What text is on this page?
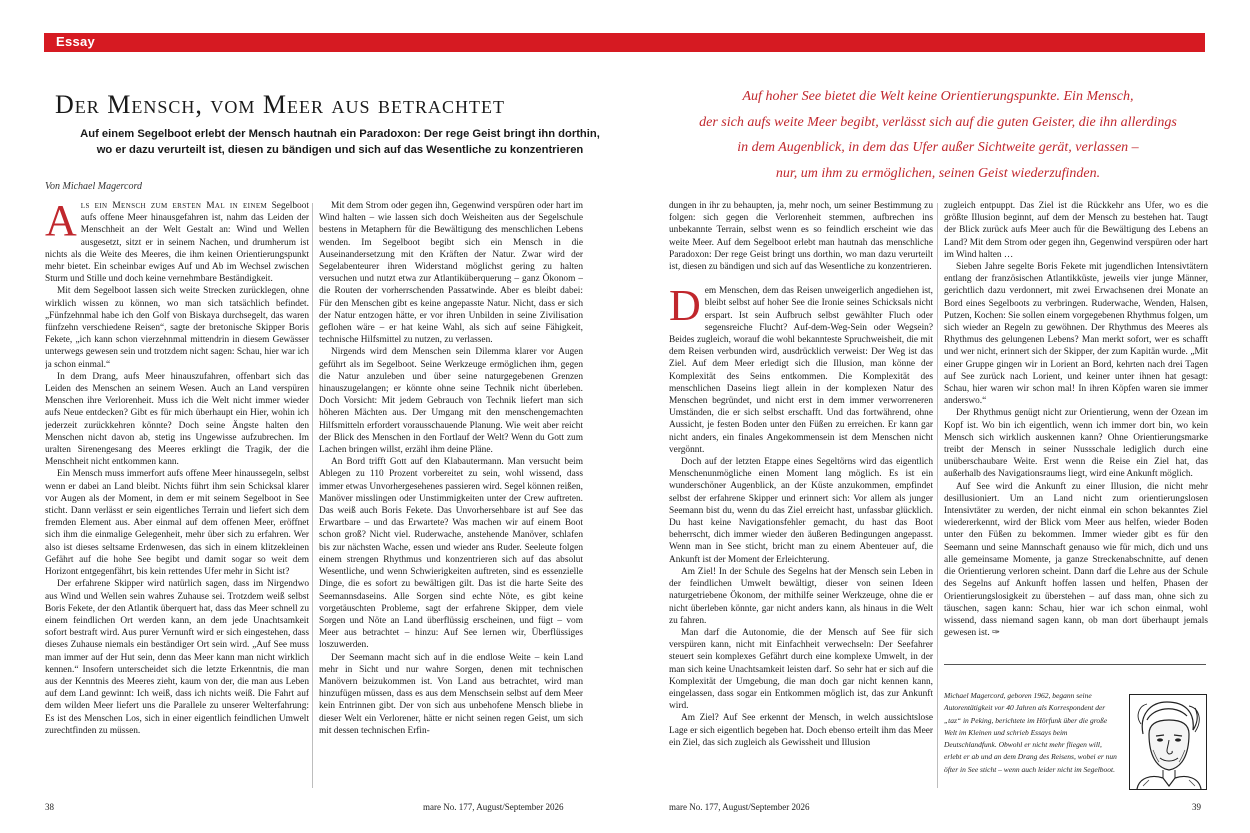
Essay
Der Mensch, vom Meer aus betrachtet
Auf einem Segelboot erlebt der Mensch hautnah ein Paradoxon: Der rege Geist bringt ihn dorthin,
wo er dazu verurteilt ist, diesen zu bändigen und sich auf das Wesentliche zu konzentrieren
Von Michael Magercord
Auf hoher See bietet die Welt keine Orientierungspunkte. Ein Mensch,
der sich aufs weite Meer begibt, verlässt sich auf die guten Geister, die ihn allerdings
in dem Augenblick, in dem das Ufer außer Sichtweite gerät, verlassen –
nur, um ihm zu ermöglichen, seinen Geist wiederzufinden.

Als ein Mensch zum ersten Mal in einem Segelboot aufs offene Meer hinausgefahren ist, nahm das Leiden der Menschheit an der Welt Gestalt an: Wind und Wellen ausgesetzt, sitzt er in seinem Nachen, und drumherum ist nichts als die Weite des Meeres, die ihm keinen Orientierungspunkt mehr bietet. Ein scheinbar ewiges Auf und Ab im Wechsel zwischen Sturm und Stille und doch keine vernehmbare Beständigkeit.

Mit dem Segelboot lassen sich weite Strecken zurücklegen, ohne wirklich wissen zu können, wo man sich tatsächlich befindet. „Fünfzehnmal habe ich den Golf von Biskaya durchsegelt, das waren fünfzehn verschiedene Reisen“, sagte der bretonische Skipper Boris Fekete, „ich kann schon vierzehnmal mittendrin in diesem Gewässer unterwegs gewesen sein und trotzdem nicht sagen: Schau, hier war ich ja schon einmal.“

In dem Drang, aufs Meer hinauszufahren, offenbart sich das Leiden des Menschen an seinem Wesen. Auch an Land verspüren Menschen ihre Verlorenheit. Muss ich die Welt nicht immer wieder aufs Neue entdecken? Gibt es für mich überhaupt ein Hier, wohin ich jederzeit zurückkehren könnte? Doch seine Ängste halten den Menschen nicht davon ab, stetig ins Ungewisse aufzubrechen. Im uralten Sirenengesang des Meeres erklingt die Tragik, der die Menschheit nicht entkommen kann.

Ein Mensch muss immerfort aufs offene Meer hinaussegeln, selbst wenn er dabei an Land bleibt. Nichts führt ihm sein Schicksal klarer vor Augen als der Moment, in dem er mit seinem Segelboot in See sticht. Dann verlässt er sein eigentliches Terrain und liefert sich dem fremden Element aus. Aber einmal auf dem offenen Meer, eröffnet sich ihm die einmalige Gelegenheit, mehr über sich zu erfahren. Wer also ist dieses seltsame Erdenwesen, das sich in einem klitzekleinen Gefährt auf die hohe See begibt und damit sogar so weit dem Horizont entgegenfährt, bis kein rettendes Ufer mehr in Sicht ist?

Der erfahrene Skipper wird natürlich sagen, dass im Nirgendwo aus Wind und Wellen sein wahres Zuhause sei. Trotzdem weiß selbst Boris Fekete, der den Atlantik überquert hat, dass das Meer schnell zu einem feindlichen Ort werden kann, an dem jede Unachtsamkeit sofort bestraft wird. Aus purer Vernunft wird er sich eingestehen, dass dieses Zuhause niemals ein beständiger Ort sein wird. „Auf See muss man immer auf der Hut sein, denn das Meer kann man nicht wirklich kennen.“ Insofern unterscheidet sich die letzte Erkenntnis, die man aus der Kenntnis des Meeres zieht, kaum von der, die man aus Leben auf dem Land gewinnt: Ich weiß, dass ich nichts weiß. Die Fahrt auf dem wilden Meer liefert uns die Parallele zu unserer Welterfahrung: Es ist des Menschen Los, sich in einer eigentlich feindlichen Umwelt zurechtfinden zu müssen.

Mit dem Strom oder gegen ihn, Gegenwind verspüren oder hart im Wind halten – wie lassen sich doch Weisheiten aus der Segelschule bestens in Metaphern für die Bewältigung des menschlichen Lebens wenden. Im Segelboot begibt sich ein Mensch in die Auseinandersetzung mit den Kräften der Natur. Zwar wird der Segelabenteurer ihren Widerstand möglichst gering zu halten versuchen und nutzt etwa zur Atlantiküberquerung – ganz Ökonom – die Routen der vorherrschenden Passatwinde. Aber es bleibt dabei: Für den Menschen gibt es keine angepasste Natur. Nicht, dass er sich der Natur entzogen hätte, er vor ihren Unbilden in seine Zivilisation geflohen wäre – er hat keine Wahl, als sich auf seine Fähigkeit, technische Hilfsmittel zu nutzen, zu verlassen.

Nirgends wird dem Menschen sein Dilemma klarer vor Augen geführt als im Segelboot. Seine Werkzeuge ermöglichen ihm, gegen die Natur anzuleben und über seine naturgegebenen Grenzen hinauszugelangen; er könnte ohne seine Technik nicht überleben. Doch Vorsicht: Mit jedem Gebrauch von Technik liefert man sich höheren Mächten aus. Der Umgang mit den menschengemachten Hilfsmitteln erfordert vorausschauende Planung. Wie weit aber reicht der Blick des Menschen in den Fortlauf der Welt? Wenn du Gott zum Lachen bringen willst, erzähl ihm deine Pläne.

An Bord trifft Gott auf den Klabautermann. Man versucht beim Ablegen zu 110 Prozent vorbereitet zu sein, wohl wissend, dass immer etwas Unvorhergesehenes passieren wird. Segel können reißen, Manöver misslingen oder Unstimmigkeiten unter der Crew auftreten. Das weiß auch Boris Fekete. Das Unvorhersehbare ist auf See das Erwartbare – und das Erwartete? Was machen wir auf einem Boot schon groß? Nicht viel. Ruderwache, anstehende Manöver, schlafen bis zur nächsten Wache, essen und wieder ans Ruder. Seeleute folgen einem strengen Rhythmus und konzentrieren sich auf das absolut Wesentliche, und wenn Schwierigkeiten auftreten, sind es essenzielle Dinge, die es sofort zu bewältigen gilt. Das ist die harte Seite des Seemannsdaseins. Alle Sorgen sind echte Nöte, es gibt keine vorgetäuschten Probleme, sagt der erfahrene Skipper, dem viele Sorgen und Nöte an Land überflüssig erscheinen, und fügt – vom Meer aus betrachtet – hinzu: Auf See lernen wir, Überflüssiges loszuwerden.

Der Seemann macht sich auf in die endlose Weite – kein Land mehr in Sicht und nur wahre Sorgen, denen mit technischen Manövern beizukommen ist. Von Land aus betrachtet, wird man hinzufügen müssen, dass es aus dem Menschsein selbst auf dem Meer kein Entrinnen gibt. Der von sich aus unbehofene Mensch bliebe in dieser Welt ein Verlorener, hätte er nicht seinen regen Geist, um sich mit dessen technischen Erfin-

dungen in ihr zu behaupten, ja, mehr noch, um seiner Bestimmung zu folgen: sich gegen die Verlorenheit stemmen, aufbrechen ins unbekannte Terrain, selbst wenn es so feindlich erscheint wie das weite Meer. Auf dem Segelboot erlebt man hautnah das menschliche Paradoxon: Der rege Geist bringt uns dorthin, wo man dazu verurteilt ist, diesen zu bändigen und sich auf das Wesentliche zu konzentrieren.

Dem Menschen, dem das Reisen unweigerlich angediehen ist, bleibt selbst auf hoher See die Ironie seines Schicksals nicht erspart. Ist sein Aufbruch selbst gewählter Fluch oder segensreiche Flucht? Auf-dem-Weg-Sein oder Wegsein? Beides zugleich, worauf die wohl bekannteste Spruchweisheit, die mit dem Reisen verbunden wird, ausdrücklich verweist: Der Weg ist das Ziel. Auf dem Meer erledigt sich die Illusion, man könne der Komplexität des Seins entkommen. Die Komplexität des menschlichen Daseins liegt allein in der komplexen Natur des Menschen begründet, und nicht erst in dem immer verworreneren Umständen, die er sich selbst erschafft. Und das fortwährend, ohne Aussicht, je festen Boden unter den Füßen zu erreichen. Er kann gar nicht anders, ein finales Angekommensein ist dem Menschen nicht vergönnt.

Doch auf der letzten Etappe eines Segeltörns wird das eigentlich Menschenunmögliche einen Moment lang möglich. Es ist ein wunderschöner Augenblick, an der Küste anzukommen, empfindet selbst der erfahrene Skipper und erinnert sich: Vor allem als junger Seemann bist du, wenn du das Ziel erreicht hast, unfassbar glücklich. Du hast keine Navigationsfehler gemacht, du hast das Boot beherrscht, dich immer wieder den äußeren Bedingungen angepasst. Wenn man in See sticht, bricht man zu einem Abenteuer auf, die Ankunft ist der Moment der Erleichterung.

Am Ziel! In der Schule des Segelns hat der Mensch sein Leben in der feindlichen Umwelt bewältigt, dieser von seinen Ideen naturgetriebene Ökonom, der mithilfe seiner Werkzeuge, ohne die er nicht überleben könnte, gar nicht anders kann, als hinaus in die Welt zu fahren.

Man darf die Autonomie, die der Mensch auf See für sich verspüren kann, nicht mit Einfachheit verwechseln: Der Seefahrer steuert sein komplexes Gefährt durch eine komplexe Umwelt, in der man sich keine Unachtsamkeit leisten darf. So sehr hat er sich auf die Komplexität der Umgebung, die man doch gar nicht kennen kann, eingelassen, dass sogar ein Entkommen möglich ist, das zur Ankunft wird.

Am Ziel? Auf See erkennt der Mensch, in welch aussichtslose Lage er sich eigentlich begeben hat. Doch ebenso erteilt ihm das Meer ein Ziel, das sich zugleich als Gewissheit und Illusion

zugleich entpuppt. Das Ziel ist die Rückkehr ans Ufer, wo es die größte Illusion beginnt, auf dem der Mensch zu bestehen hat. Taugt der Blick zurück aufs Meer auch für die Bewältigung des Lebens an Land? Mit dem Strom oder gegen ihn, Gegenwind verspüren oder hart im Wind halten …

Sieben Jahre segelte Boris Fekete mit jugendlichen Intensivtätern entlang der französischen Atlantikküste, jeweils vier junge Männer, gerichtlich dazu verdonnert, mit zwei Erwachsenen drei Monate an Bord eines Segelboots zu verbringen. Ruderwache, Wenden, Halsen, Putzen, Kochen: Sie sollen einem vorgegebenen Rhythmus folgen, um sich wieder an Regeln zu gewöhnen. Der Rhythmus des Meeres als Rhythmus des gelungenen Lebens? Man merkt sofort, wer es schafft und wer nicht, erinnert sich der Skipper, der zum Kapitän wurde. „Mit einer Gruppe gingen wir in Lorient an Bord, kehrten nach drei Tagen auf See zurück nach Lorient, und keiner unter ihnen hat gesagt: Schau, hier waren wir schon mal! In ihren Köpfen waren sie immer anderswo.“

Der Rhythmus genügt nicht zur Orientierung, wenn der Ozean im Kopf ist. Wo bin ich eigentlich, wenn ich immer dort bin, wo kein Mensch sich wirklich auskennen kann? Ohne Orientierungsmarke treibt der Mensch in seiner Nussschale lediglich durch eine unüberschaubare Weite. Erst wenn die Reise ein Ziel hat, das außerhalb des Navigationsraums liegt, wird eine Ankunft möglich.

Auf See wird die Ankunft zu einer Illusion, die nicht mehr desillusioniert. Um an Land nicht zum orientierungslosen Intensivtäter zu werden, der nicht einmal ein schon bekanntes Ziel wiedererkennt, wird der Blick vom Meer aus helfen, wieder Boden unter den Füßen zu bekommen. Immer wieder gibt es für den Seemann und seine Mannschaft genauso wie für mich, dich und uns alle gemeinsame Momente, ja ganze Streckenabschnitte, auf denen die Orientierung verloren scheint. Dann darf die Lehre aus der Schule des Segelns auf Ankunft hoffen lassen und helfen, Phasen der Orientierungslosigkeit zu überstehen – auf dass man, ohne sich zu täuschen, sagen kann: Schau, hier war ich schon einmal, wohl wissend, dass niemand sagen kann, ob man dort überhaupt jemals gewesen ist. ✑

Michael Magercord, geboren 1962, begann seine Autorentätigkeit vor 40 Jahren als Korrespondent der „taz“ in Peking, berichtete im Hörfunk über die große Welt im Kleinen und schrieb Essays beim Deutschlandfunk. Obwohl er nicht mehr fliegen will, erlebt er ab und an dem Drang des Reisens, wobei er nun öfter in See sticht – wenn auch leider nicht im Segelboot.

38	mare No. 177, August/September 2026	mare No. 177, August/September 2026	39
